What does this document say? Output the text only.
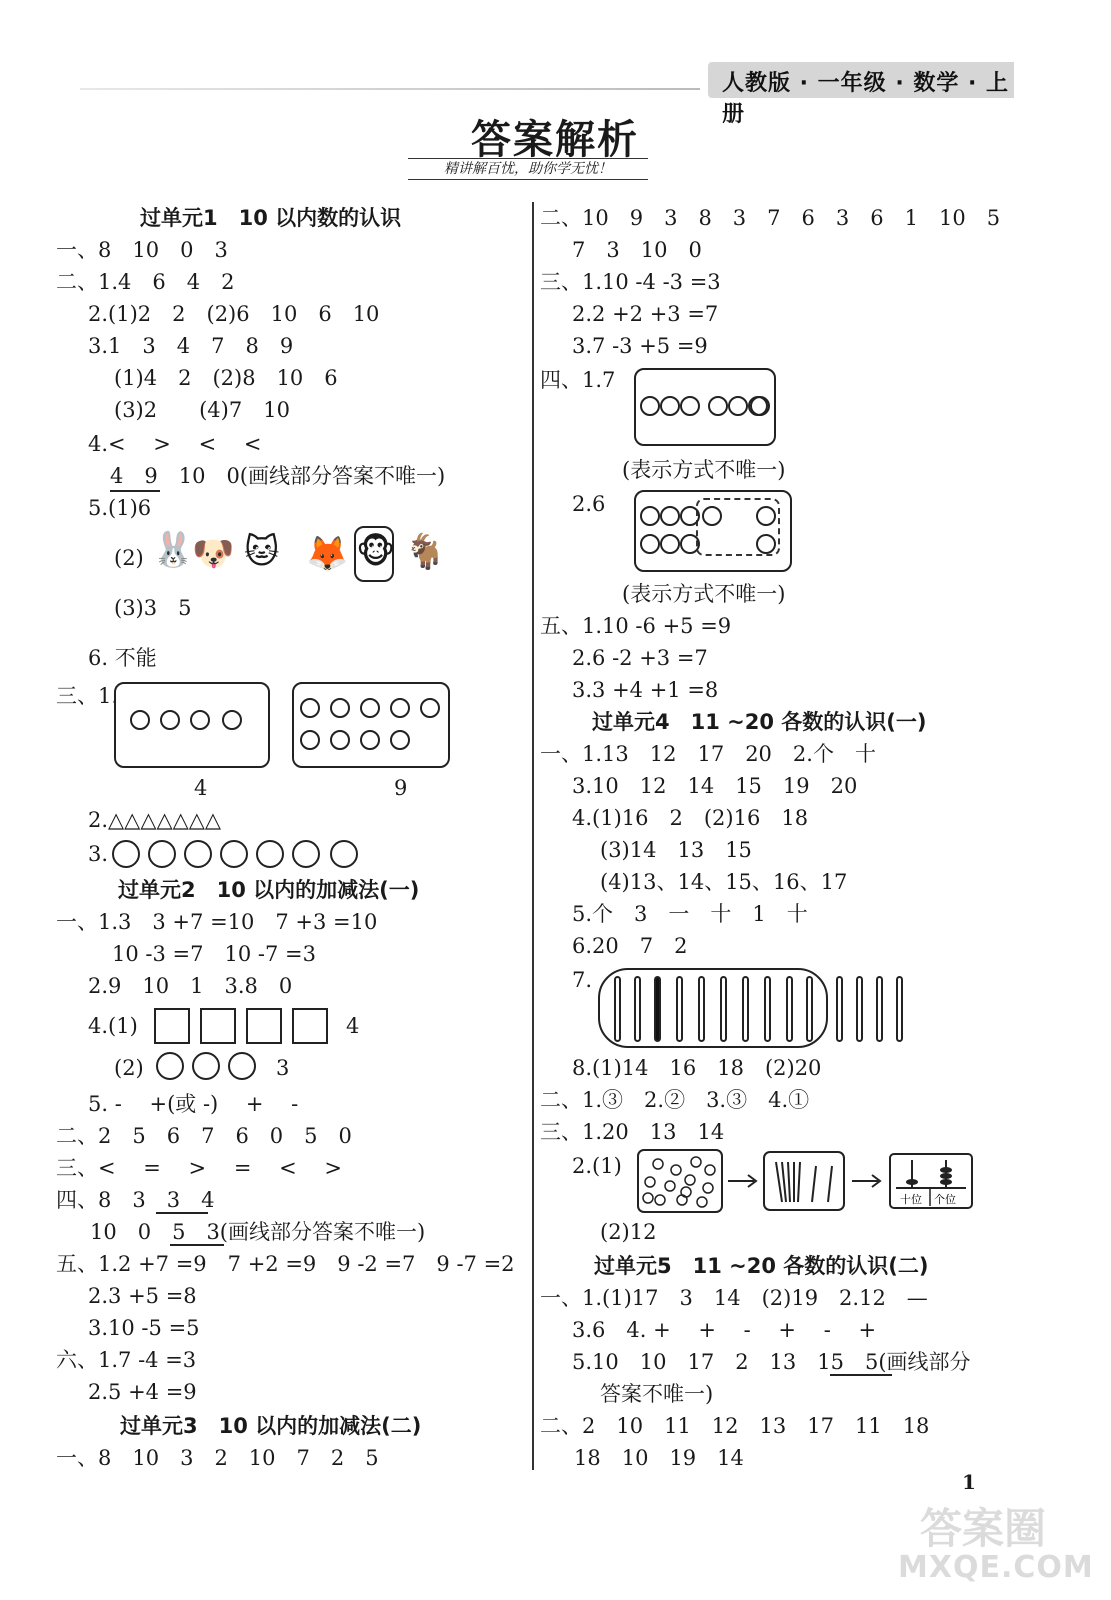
人教版 · 一年级 · 数学 · 上册
答案解析
精讲解百忧，助你学无忧！
过单元1　10 以内数的认识
一、8　10　0　3
二、1.4　6　4　2
2.(1)2　2　(2)6　10　6　10
3.1　3　4　7　8　9
(1)4　2　(2)8　10　6
(3)2　　(4)7　10
4.<　 >　 <　 <
4　9　10　0(画线部分答案不唯一)
5.(1)6
(2) 🐰
🐶 🐱 🦊 🐵 🐐
(3)3　5
6. 不能
三、1.
4	9
2.△△△△△△△
3.
过单元2　10 以内的加减法(一)
一、1.3　3 +7 =10　7 +3 =10
10 -3 =7　10 -7 =3
2.9　10　1　3.8　0
4.(1)	4
(2)	3
5. -　 +(或 -)　 +　 -
二、2　5　6　7　6　0　5　0
三、<　 =　 >　 =　 <　 >
四、8　3　3　4
10　0　5　3(画线部分答案不唯一)
五、1.2 +7 =9　7 +2 =9　9 -2 =7　9 -7 =2
2.3 +5 =8
3.10 -5 =5
六、1.7 -4 =3
2.5 +4 =9
过单元3　10 以内的加减法(二)
一、8　10　3　2　10　7　2　5
二、10　9　3　8　3　7　6　3　6　1　10　5
7　3　10　0
三、1.10 -4 -3 =3
2.2 +2 +3 =7
3.7 -3 +5 =9
四、1.7
(表示方式不唯一)
2.6
(表示方式不唯一)
五、1.10 -6 +5 =9
2.6 -2 +3 =7
3.3 +4 +1 =8
过单元4　11 ~20 各数的认识(一)
一、1.13　12　17　20　2.个　十
3.10　12　14　15　19　20
4.(1)16　2　(2)16　18
(3)14　13　15
(4)13、14、15、16、17
5.个　3　一　十　1　十
6.20　7　2
7.
8.(1)14　16　18　(2)20
二、1.③　2.②　3.③　4.①
三、1.20　13　14
2.(1)
十位 个位
(2)12
过单元5　11 ~20 各数的认识(二)
一、1.(1)17　3　14　(2)19　2.12　—
3.6　4. +　 +　 -　 +　 -　 +
5.10　10　17　2　13　15　5(画线部分
答案不唯一)
二、2　10　11　12　13　17　11　18
18　10　19　14
1
答案圈
MXQE.COM
